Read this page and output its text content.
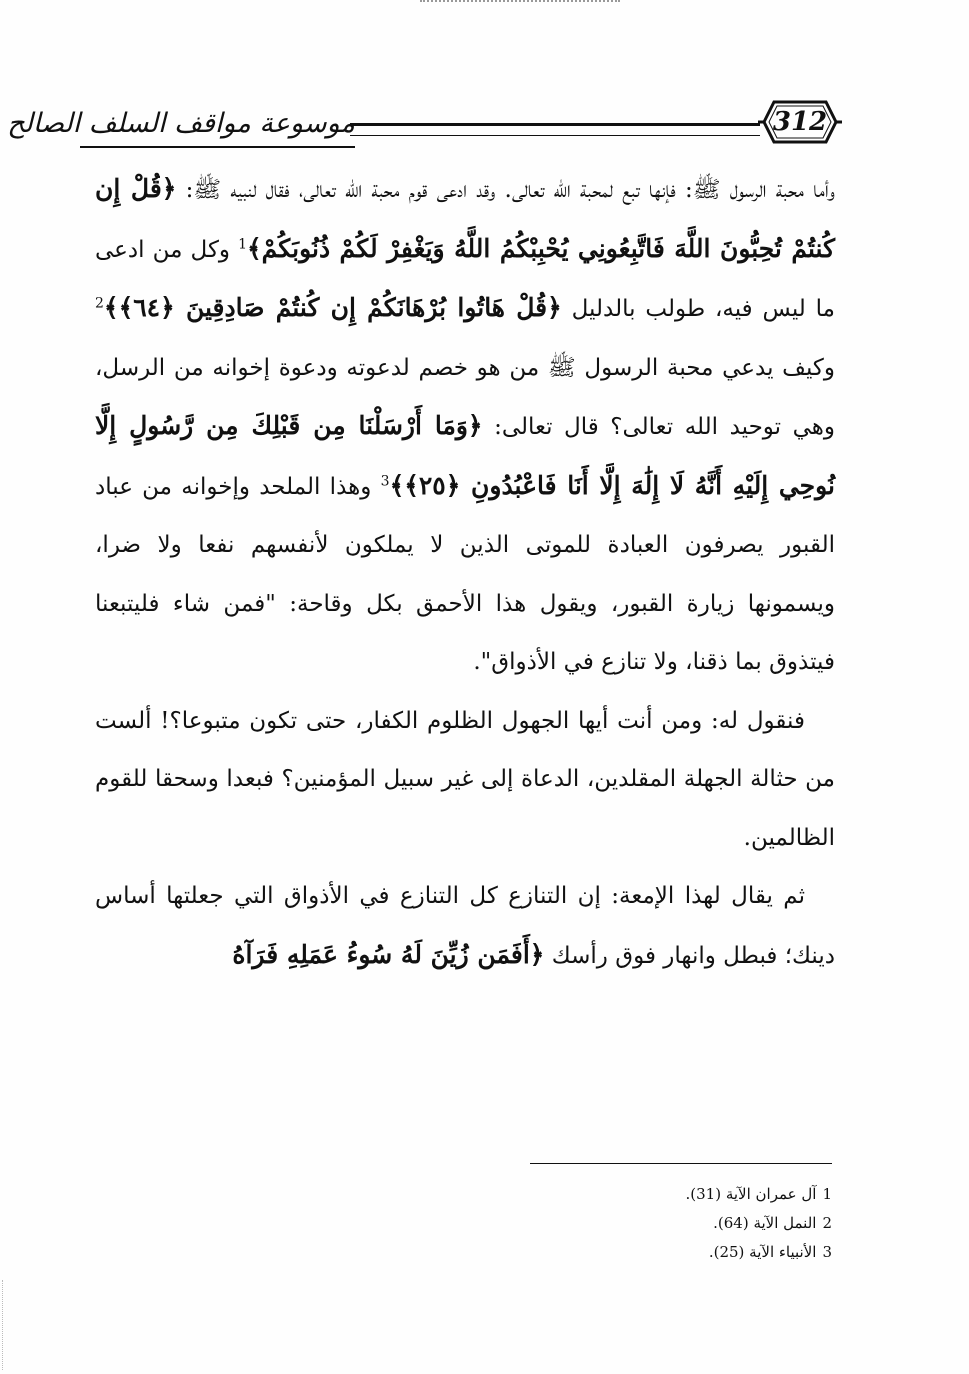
موسوعة مواقف السلف الصالح	312

وأما محبة الرسول ﷺ: فإنها تبع لمحبة الله تعالى. وقد ادعى قوم محبة الله تعالى، فقال لنبيه ﷺ: ﴿قُلْ إِن كُنتُمْ تُحِبُّونَ اللَّهَ فَاتَّبِعُونِي يُحْبِبْكُمُ اللَّهُ وَيَغْفِرْ لَكُمْ ذُنُوبَكُمْ﴾$^1$ وكل من ادعى ما ليس فيه، طولب بالدليل ﴿قُلْ هَاتُوا بُرْهَانَكُمْ إِن كُنتُمْ صَادِقِينَ ﴿٦٤﴾﴾$^2$ وكيف يدعي محبة الرسول ﷺ من هو خصم لدعوته ودعوة إخوانه من الرسل، وهي توحيد الله تعالى؟ قال تعالى: ﴿وَمَا أَرْسَلْنَا مِن قَبْلِكَ مِن رَّسُولٍ إِلَّا نُوحِي إِلَيْهِ أَنَّهُ لَا إِلَٰهَ إِلَّا أَنَا فَاعْبُدُونِ ﴿٢٥﴾﴾$^3$ وهذا الملحد وإخوانه من عباد القبور يصرفون العبادة للموتى الذين لا يملكون لأنفسهم نفعا ولا ضرا، ويسمونها زيارة القبور، ويقول هذا الأحمق بكل وقاحة: "فمن شاء فليتبعنا فيتذوق بما ذقنا، ولا تنازع في الأذواق".

فنقول له: ومن أنت أيها الجهول الظلوم الكفار، حتى تكون متبوعا؟! ألست من حثالة الجهلة المقلدين، الدعاة إلى غير سبيل المؤمنين؟ فبعدا وسحقا للقوم الظالمين.

ثم يقال لهذا الإمعة: إن التنازع كل التنازع في الأذواق التي جعلتها أساس دينك؛ فبطل وانهار فوق رأسك ﴿أَفَمَن زُيِّنَ لَهُ سُوءُ عَمَلِهِ فَرَآهُ

1آل عمران الآية (31).
2النمل الآية (64).
3الأنبياء الآية (25).
